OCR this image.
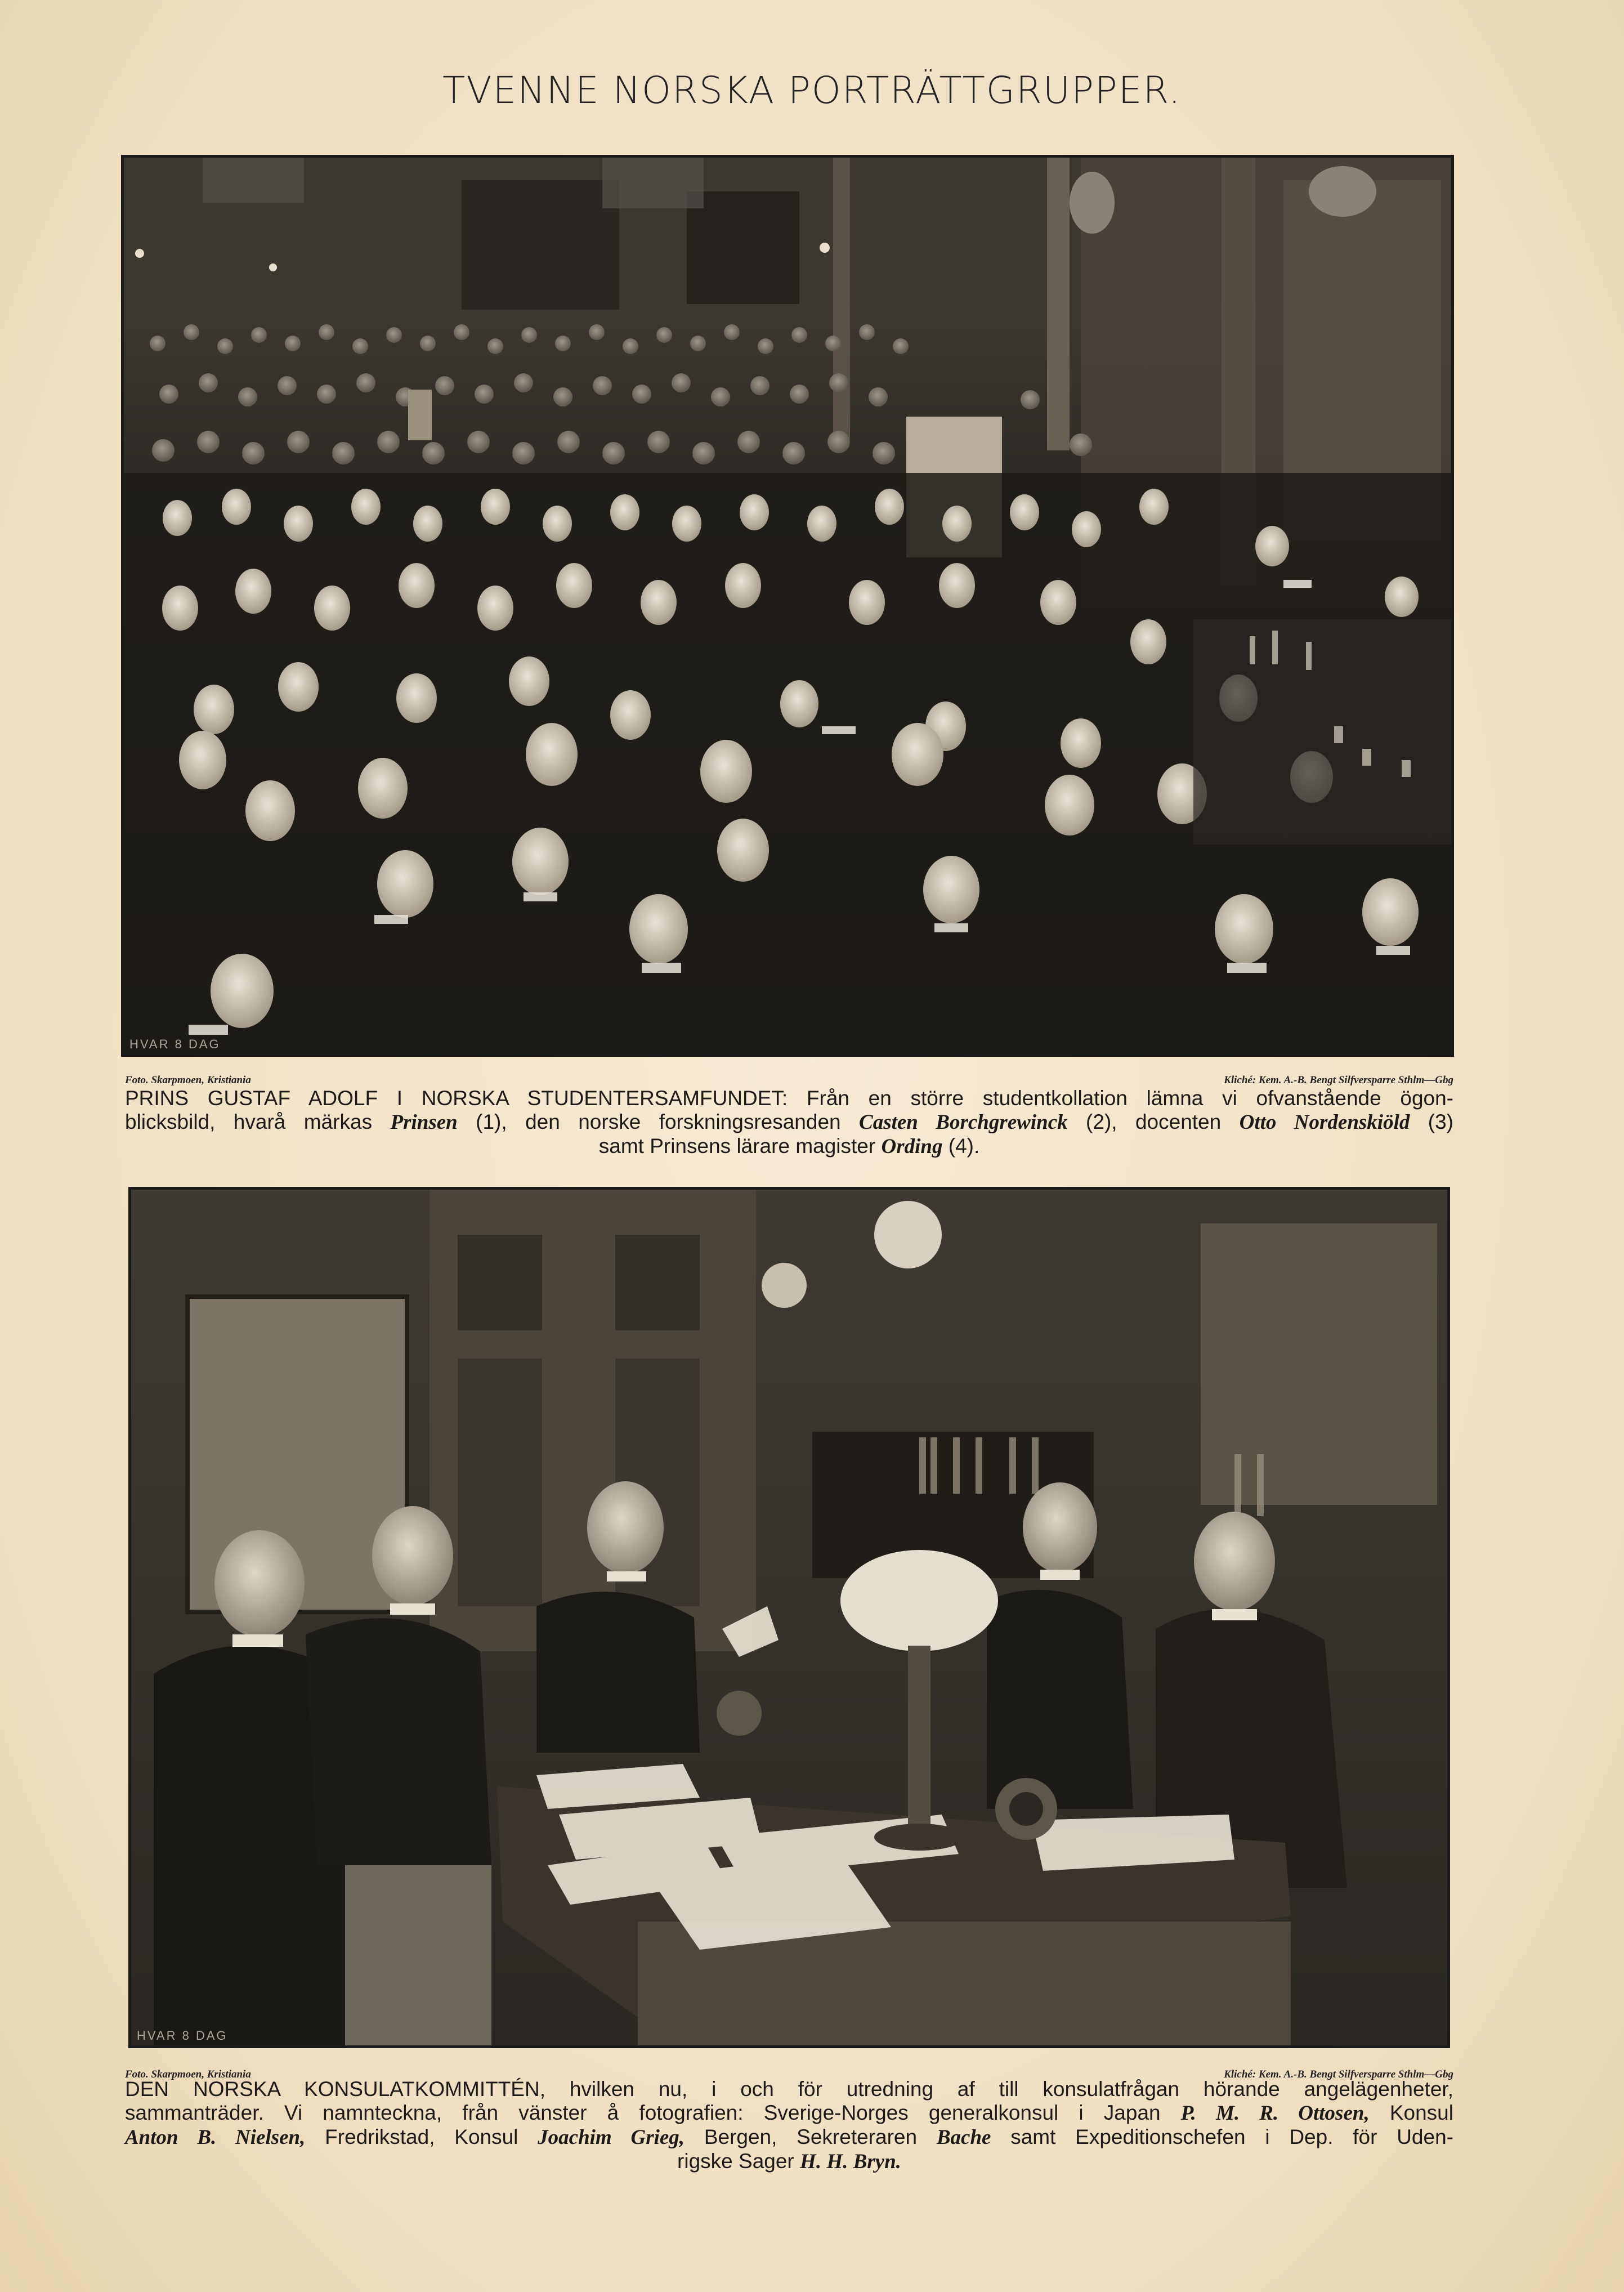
TVENNE NORSKA PORTRÄTTGRUPPER.
HVAR 8 DAG
Foto. Skarpmoen, Kristiania	Kliché: Kem. A.-B. Bengt Silfversparre Sthlm—Gbg
PRINS GUSTAF ADOLF I NORSKA STUDENTERSAMFUNDET: Från en större studentkollation lämna vi ofvanstående ögon-
blicksbild, hvarå märkas Prinsen (1), den norske forskningsresanden Casten Borchgrewinck (2), docenten Otto Nordenskiöld (3)
samt Prinsens lärare magister Ording (4).
HVAR 8 DAG
Foto. Skarpmoen, Kristiania	Kliché: Kem. A.-B. Bengt Silfversparre Sthlm—Gbg
DEN NORSKA KONSULATKOMMITTÉN, hvilken nu, i och för utredning af till konsulatfrågan hörande angelägenheter,
sammanträder. Vi namnteckna, från vänster å fotografien: Sverige-Norges generalkonsul i Japan P. M. R. Ottosen, Konsul
Anton B. Nielsen, Fredrikstad, Konsul Joachim Grieg, Bergen, Sekreteraren Bache samt Expeditionschefen i Dep. för Uden-
rigske Sager H. H. Bryn.
